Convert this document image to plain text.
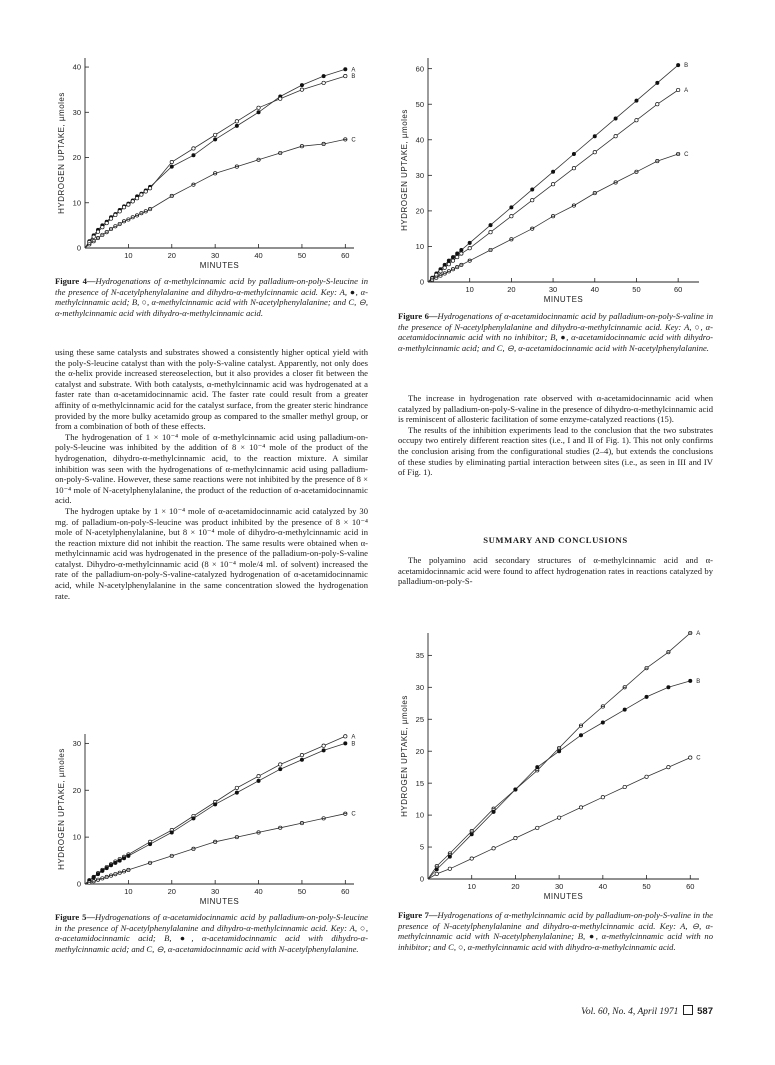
0
10
20
30
40
10	20	30	40	50	60
MINUTES
HYDROGEN UPTAKE, µmoles
A
B
C
Figure 4—Hydrogenations of α-methylcinnamic acid by palladium-on-poly-S-leucine in the presence of N-acetylphenylalanine and dihydro-α-methylcinnamic acid. Key: A, ●, α-methylcinnamic acid; B, ○, α-methylcinnamic acid with N-acetylphenylalanine; and C, ⊖, α-methylcinnamic acid with dihydro-α-methylcinnamic acid.

using these same catalysts and substrates showed a consistently higher optical yield with the poly-S-leucine catalyst than with the poly-S-valine catalyst. Apparently, not only does the α-helix provide increased stereoselection, but it also provides a closer fit between the catalyst and substrate. With both catalysts, α-methylcinnamic acid was hydrogenated at a faster rate than α-acetamidocinnamic acid. The faster rate could result from a greater affinity of α-methylcinnamic acid for the catalyst surface, from the greater steric hindrance provided by the more bulky acetamido group as compared to the smaller methyl group, or from a combination of both of these effects.

The hydrogenation of 1 × 10⁻⁴ mole of α-methylcinnamic acid using palladium-on-poly-S-leucine was inhibited by the addition of 8 × 10⁻⁴ mole of the product of the hydrogenation, dihydro-α-methylcinnamic acid, to the reaction mixture. A similar inhibition was seen with the hydrogenations of α-methylcinnamic acid using palladium-on-poly-S-valine. However, these same reactions were not inhibited by the presence of 8 × 10⁻⁴ mole of N-acetylphenylalanine, the product of the reduction of α-acetamidocinnamic acid.

The hydrogen uptake by 1 × 10⁻⁴ mole of α-acetamidocinnamic acid catalyzed by 30 mg. of palladium-on-poly-S-leucine was product inhibited by the presence of 8 × 10⁻⁴ mole of N-acetylphenylalanine, but 8 × 10⁻⁴ mole of dihydro-α-methylcinnamic acid in the reaction mixture did not inhibit the reaction. The same results were obtained when α-methylcinnamic acid was hydrogenated in the presence of the palladium-on-poly-S-valine catalyst. Dihydro-α-methylcinnamic acid (8 × 10⁻⁴ mole/4 ml. of solvent) increased the rate of the palladium-on-poly-S-valine-catalyzed hydrogenation of α-acetamidocinnamic acid, while N-acetylphenylalanine in the same concentration slowed the hydrogenation rate.

0
10
20
30
10	20	30	40	50	60
MINUTES
HYDROGEN UPTAKE, µmoles
A
B
C
Figure 5—Hydrogenations of α-acetamidocinnamic acid by palladium-on-poly-S-leucine in the presence of N-acetylphenylalanine and dihydro-α-methylcinnamic acid. Key: A, ○, α-acetamidocinnamic acid; B, ●, α-acetamidocinnamic acid with dihydro-α-methylcinnamic acid; and C, ⊖, α-acetamidocinnamic acid with N-acetylphenylalanine.
0
10
20
30
40
50
60
10	20	30	40	50	60
MINUTES
HYDROGEN UPTAKE, µmoles
B
A
C
Figure 6—Hydrogenations of α-acetamidocinnamic acid by palladium-on-poly-S-valine in the presence of N-acetylphenylalanine and dihydro-α-methylcinnamic acid. Key: A, ○, α-acetamidocinnamic acid with no inhibitor; B, ●, α-acetamidocinnamic acid with dihydro-α-methylcinnamic acid; and C, ⊖, α-acetamidocinnamic acid with N-acetylphenylalanine.

The increase in hydrogenation rate observed with α-acetamidocinnamic acid when catalyzed by palladium-on-poly-S-valine in the presence of dihydro-α-methylcinnamic acid is reminiscent of allosteric facilitation of some enzyme-catalyzed reactions (15).

The results of the inhibition experiments lead to the conclusion that the two substrates occupy two entirely different reaction sites (i.e., I and II of Fig. 1). This not only confirms the conclusion arising from the configurational studies (2–4), but extends the conclusions of these studies by eliminating partial interaction between sites (i.e., as seen in III and IV of Fig. 1).

SUMMARY AND CONCLUSIONS

The polyamino acid secondary structures of α-methylcinnamic acid and α-acetamidocinnamic acid were found to affect hydrogenation rates in reactions catalyzed by palladium-on-poly-S-

0
5
10
15
20
25
30
35
10	20	30	40	50	60
MINUTES
HYDROGEN UPTAKE, µmoles
A
B
C
Figure 7—Hydrogenations of α-methylcinnamic acid by palladium-on-poly-S-valine in the presence of N-acetylphenylalanine and dihydro-α-methylcinnamic acid. Key: A, ⊖, α-methylcinnamic acid with N-acetylphenylalanine; B, ●, α-methylcinnamic acid with no inhibitor; and C, ○, α-methylcinnamic acid with dihydro-α-methylcinnamic acid.
Vol. 60, No. 4, April 1971 587
